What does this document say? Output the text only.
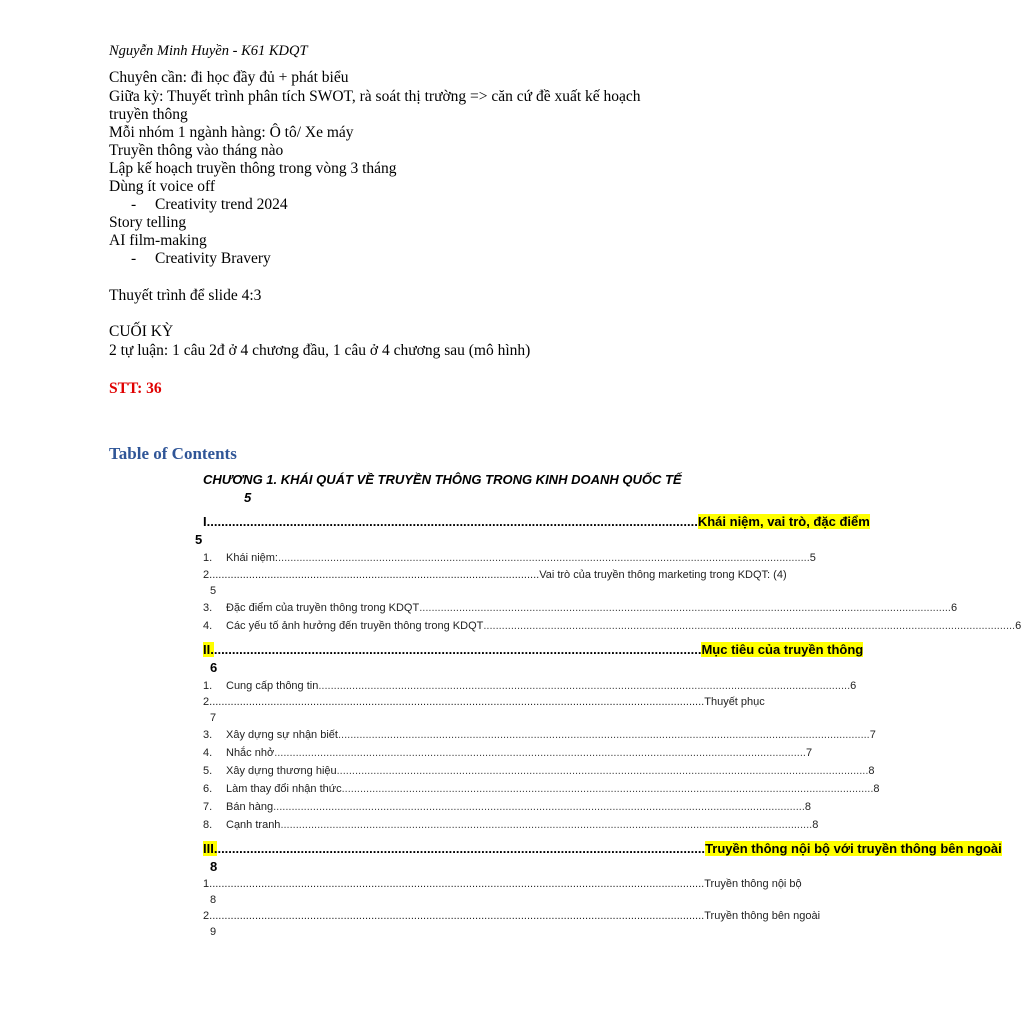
Nguyễn Minh Huyền - K61 KDQT
Chuyên cần: đi học đầy đủ + phát biểu
Giữa kỳ: Thuyết trình phân tích SWOT, rà soát thị trường => căn cứ đề xuất kế hoạch
truyền thông
Mỗi nhóm 1 ngành hàng: Ô tô/ Xe máy
Truyền thông vào tháng nào
Lập kế hoạch truyền thông trong vòng 3 tháng
Dùng ít voice off
- Creativity trend 2024
Story telling
AI film-making
- Creativity Bravery
Thuyết trình để slide 4:3
CUỐI KỲ
2 tự luận: 1 câu 2đ ở 4 chương đầu, 1 câu ở 4 chương sau (mô hình)
STT: 36
Table of Contents
CHƯƠNG 1. KHÁI QUÁT VỀ TRUYỀN THÔNG TRONG KINH DOANH QUỐC TẾ
5
I. ....................................................................................................................................... Khái niệm, vai trò, đặc điểm
5
1.	Khái niệm: .............................................................................................................................................................................. 5
2. ........................................................................................................... Vai trò của truyền thông marketing trong KDQT: (4)
5
3.	Đặc điểm của truyền thông trong KDQT .............................................................................................................................................................................. 6
4.	Các yếu tố ảnh hưởng đến truyền thông trong KDQT .............................................................................................................................................................................. 6
II. ....................................................................................................................................... Mục tiêu của truyền thông
6
1.	Cung cấp thông tin .............................................................................................................................................................................. 6
2. ................................................................................................................................................................. Thuyết phục
7
3.	Xây dựng sự nhận biết .............................................................................................................................................................................. 7
4.	Nhắc nhở .............................................................................................................................................................................. 7
5.	Xây dựng thương hiệu .............................................................................................................................................................................. 8
6.	Làm thay đổi nhận thức .............................................................................................................................................................................. 8
7.	Bán hàng .............................................................................................................................................................................. 8
8.	Cạnh tranh .............................................................................................................................................................................. 8
III. ....................................................................................................................................... Truyền thông nội bộ với truyền thông bên ngoài
8
1. ................................................................................................................................................................. Truyền thông nội bộ
8
2. ................................................................................................................................................................. Truyền thông bên ngoài
9
